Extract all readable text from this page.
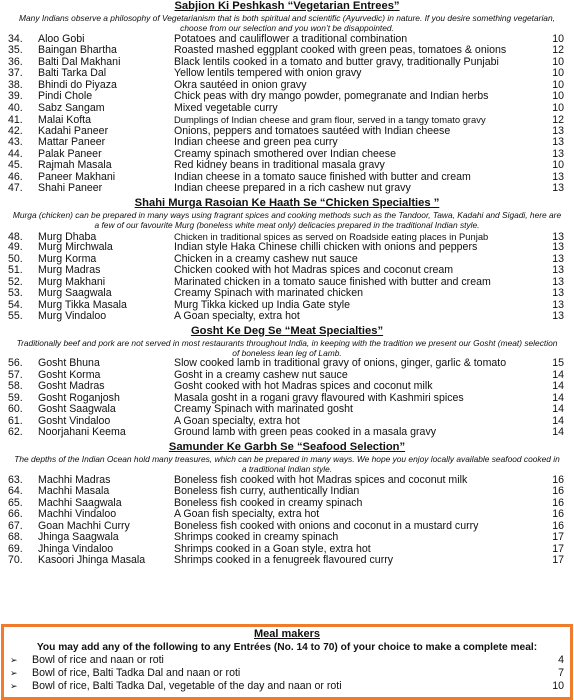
Sabjion Ki Peshkash “Vegetarian Entrees”
Many Indians observe a philosophy of Vegetarianism that is both spiritual and scientific (Ayurvedic) in nature. If you desire something vegetarian, choose from our selection and you won’t be disappointed.
34.	Aloo Gobi	Potatoes and cauliflower a traditional combination	10
35.	Baingan Bhartha	Roasted mashed eggplant cooked with green peas, tomatoes & onions	12
36.	Balti Dal Makhani	Black lentils cooked in a tomato and butter gravy, traditionally Punjabi	10
37.	Balti Tarka Dal	Yellow lentils tempered with onion gravy	10
38.	Bhindi do Piyaza	Okra sautéed in onion gravy	10
39.	Pindi Chole	Chick peas with dry mango powder, pomegranate and Indian herbs	10
40.	Sabz Sangam	Mixed vegetable curry	10
41.	Malai Kofta	Dumplings of Indian cheese and gram flour, served in a tangy tomato gravy	12
42.	Kadahi Paneer	Onions, peppers and tomatoes sautéed with Indian cheese	13
43.	Mattar Paneer	Indian cheese and green pea curry	13
44.	Palak Paneer	Creamy spinach smothered over Indian cheese	13
45.	Rajmah Masala	Red kidney beans in traditional masala gravy	10
46.	Paneer Makhani	Indian cheese in a tomato sauce finished with butter and cream	13
47.	Shahi Paneer	Indian cheese prepared in a rich cashew nut gravy	13
Shahi Murga Rasoian Ke Haath Se “Chicken Specialties ”
Murga (chicken) can be prepared in many ways using fragrant spices and cooking methods such as the Tandoor, Tawa, Kadahi and Sigadi, here are a few of our favourite Murg (boneless white meat only) delicacies prepared in the traditional Indian style.
48.	Murg Dhaba	Chicken in traditional spices as served on Roadside eating places in Punjab	13
49.	Murg Mirchwala	Indian style Haka Chinese chilli chicken with onions and peppers	13
50.	Murg Korma	Chicken in a creamy cashew nut sauce	13
51.	Murg Madras	Chicken cooked with hot Madras spices and coconut cream	13
52.	Murg Makhani	Marinated chicken in a tomato sauce finished with butter and cream	13
53.	Murg Saagwala	Creamy Spinach with marinated chicken	13
54.	Murg Tikka Masala	Murg Tikka kicked up India Gate style	13
55.	Murg Vindaloo	A Goan specialty, extra hot	13
Gosht Ke Deg Se “Meat Specialties”
Traditionally beef and pork are not served in most restaurants throughout India, in keeping with the tradition we present our Gosht (meat) selection of boneless lean leg of Lamb.
56.	Gosht Bhuna	Slow cooked lamb in traditional gravy of onions, ginger, garlic & tomato	15
57.	Gosht Korma	Gosht in a creamy cashew nut sauce	14
58.	Gosht Madras	Gosht cooked with hot Madras spices and coconut milk	14
59.	Gosht Roganjosh	Masala gosht in a rogani gravy flavoured with Kashmiri spices	14
60.	Gosht Saagwala	Creamy Spinach with marinated gosht	14
61.	Gosht Vindaloo	A Goan specialty, extra hot	14
62.	Noorjahani Keema	Ground lamb with green peas cooked in a masala gravy	14
Samunder Ke Garbh Se “Seafood Selection”
The depths of the Indian Ocean hold many treasures, which can be prepared in many ways. We hope you enjoy locally available seafood cooked in a traditional Indian style.
63.	Machhi Madras	Boneless fish cooked with hot Madras spices and coconut milk	16
64.	Machhi Masala	Boneless fish curry, authentically Indian	16
65.	Machhi Saagwala	Boneless fish cooked in creamy spinach	16
66.	Machhi Vindaloo	A Goan fish specialty, extra hot	16
67.	Goan Machhi Curry	Boneless fish cooked with onions and coconut in a mustard curry	16
68.	Jhinga Saagwala	Shrimps cooked in creamy spinach	17
69.	Jhinga Vindaloo	Shrimps cooked in a Goan style, extra hot	17
70.	Kasoori Jhinga Masala	Shrimps cooked in a fenugreek flavoured curry	17
Meal makers
You may add any of the following to any Entrées (No. 14 to 70) of your choice to make a complete meal:
➢	Bowl of rice and naan or roti	4
➢	Bowl of rice, Balti Tadka Dal and naan or roti	7
➢	Bowl of rice, Balti Tadka Dal, vegetable of the day and naan or roti	10
